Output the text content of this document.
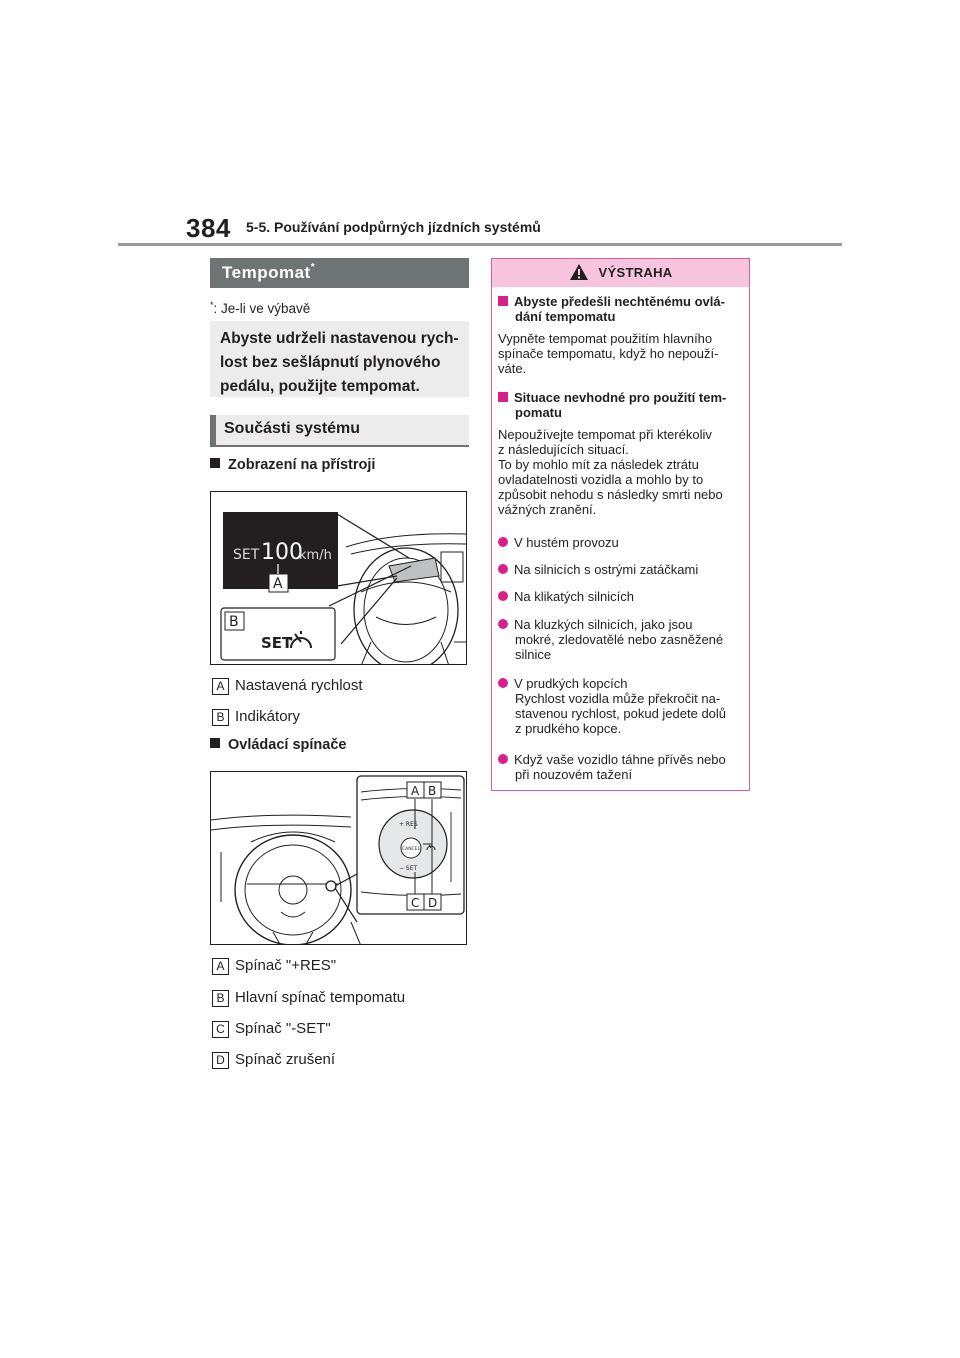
384 5-5. Používání podpůrných jízdních systémů
Tempomat*
*: Je-li ve výbavě
Abyste udrželi nastavenou rych-
lost bez sešlápnutí plynového
pedálu, použijte tempomat.
Součásti systému
Zobrazení na přístroji
SET 100
km/h
A
B
SET
A Nastavená rychlost
B Indikátory
Ovládací spínače
+ RES
CANCEL
− SET
A B
C D
A Spínač "+RES"
B Hlavní spínač tempomatu
C Spínač "-SET"
D Spínač zrušení
VÝSTRAHA
Abyste předešli nechtěnému ovlá-
dání tempomatu
Vypněte tempomat použitím hlavního
spínače tempomatu, když ho nepouží-
váte.
Situace nevhodné pro použití tem-
pomatu
Nepoužívejte tempomat při kterékoliv
z následujících situací.
To by mohlo mít za následek ztrátu
ovladatelnosti vozidla a mohlo by to
způsobit nehodu s následky smrti nebo
vážných zranění.
V hustém provozu
Na silnicích s ostrými zatáčkami
Na klikatých silnicích
Na kluzkých silnicích, jako jsou
mokré, zledovatělé nebo zasněžené
silnice
V prudkých kopcích
Rychlost vozidla může překročit na-
stavenou rychlost, pokud jedete dolů
z prudkého kopce.
Když vaše vozidlo táhne přívěs nebo
při nouzovém tažení
